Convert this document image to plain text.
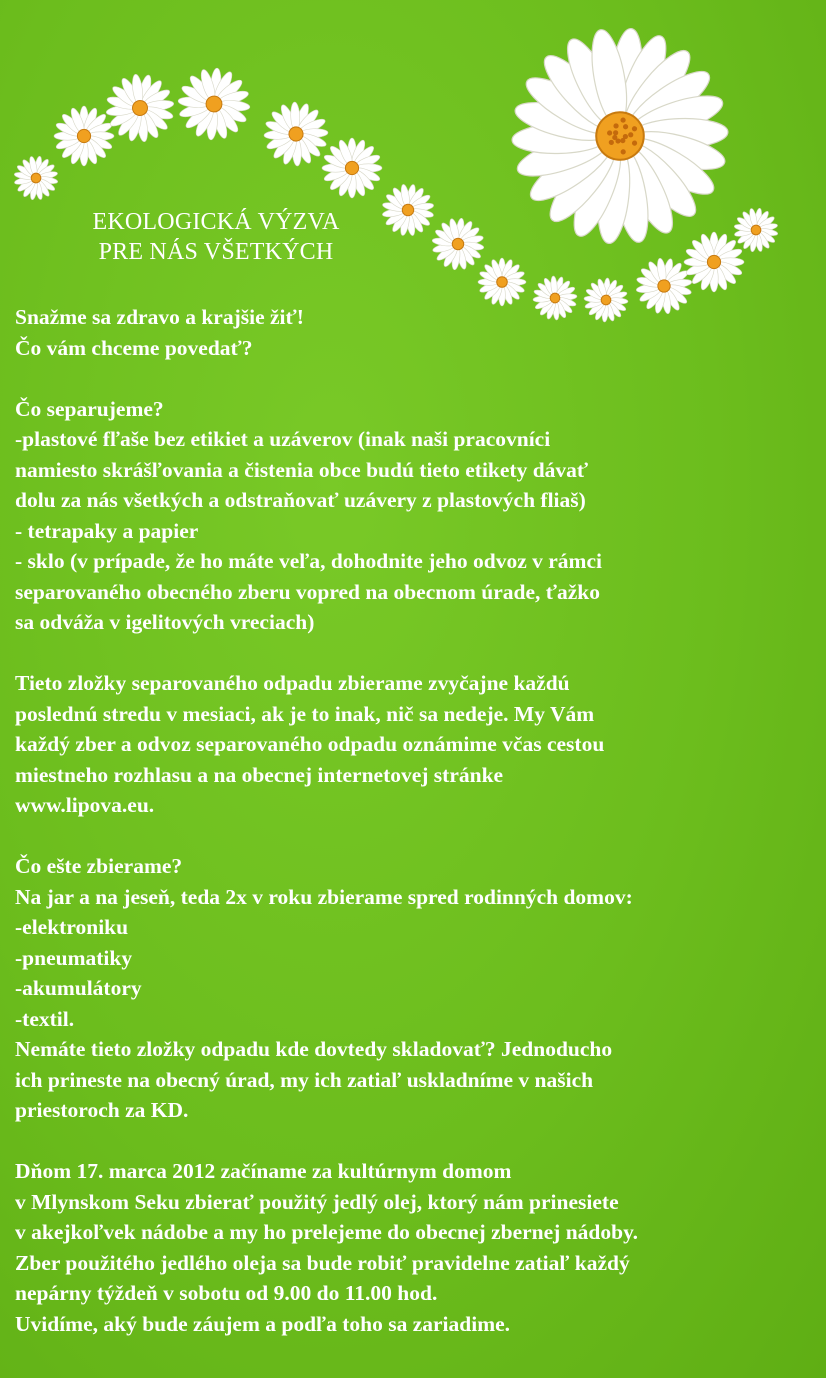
EKOLOGICKÁ VÝZVA
PRE NÁS VŠETKÝCH
Snažme sa zdravo a krajšie žiť!
Čo vám chceme povedať?
Čo separujeme?
-plastové fľaše bez etikiet a uzáverov (inak naši pracovníci
namiesto skrášľovania a čistenia obce budú tieto etikety dávať
dolu za nás všetkých a odstraňovať uzávery z plastových fliaš)
- tetrapaky a papier
- sklo (v prípade, že ho máte veľa, dohodnite jeho odvoz v rámci
separovaného obecného zberu vopred na obecnom úrade, ťažko
sa odváža v igelitových vreciach)
Tieto zložky separovaného odpadu zbierame zvyčajne každú
poslednú stredu v mesiaci, ak je to inak, nič sa nedeje. My Vám
každý zber a odvoz separovaného odpadu oznámime včas cestou
miestneho rozhlasu a na obecnej internetovej stránke
www.lipova.eu.
Čo ešte zbierame?
Na jar a na jeseň, teda 2x v roku zbierame spred rodinných domov:
-elektroniku
-pneumatiky
-akumulátory
-textil.
Nemáte tieto zložky odpadu kde dovtedy skladovať? Jednoducho
ich prineste na obecný úrad, my ich zatiaľ uskladníme v našich
priestoroch za KD.
Dňom 17. marca 2012 začíname za kultúrnym domom
v Mlynskom Seku zbierať použitý jedlý olej, ktorý nám prinesiete
v akejkoľvek nádobe a my ho prelejeme do obecnej zbernej nádoby.
Zber použitého jedlého oleja sa bude robiť pravidelne zatiaľ každý
nepárny týždeň v sobotu od 9.00 do 11.00 hod.
Uvidíme, aký bude záujem a podľa toho sa zariadime.
